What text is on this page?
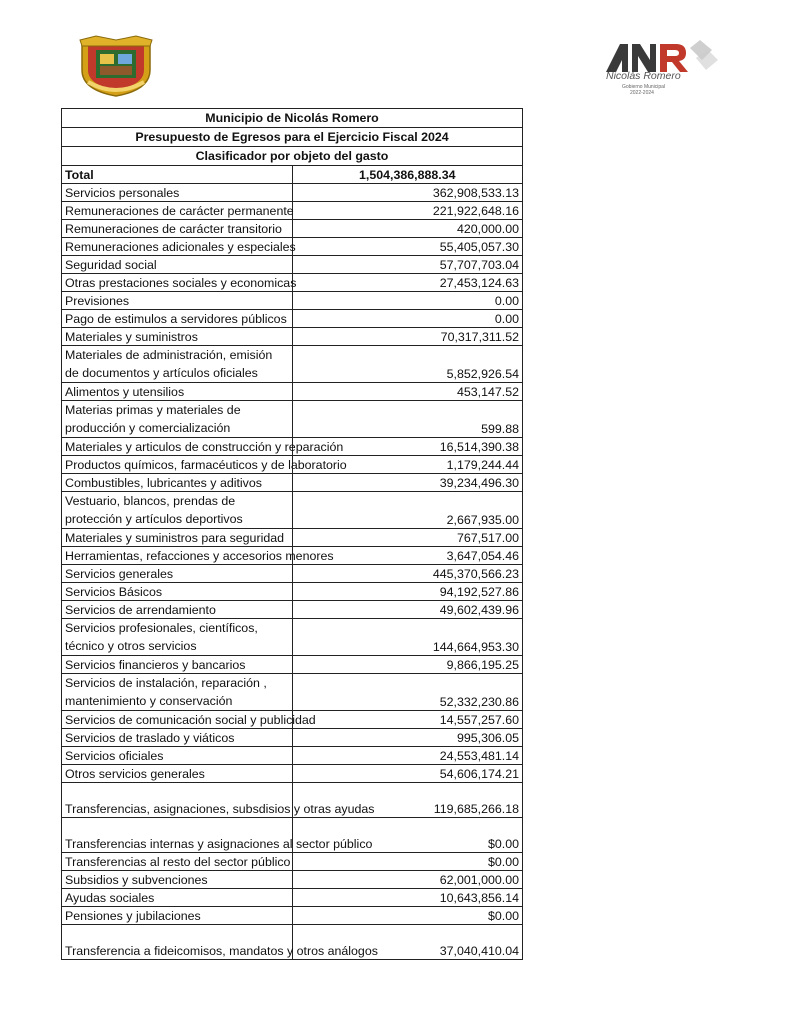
Nicolás Romero
Gobierno Municipal
2022-2024
Municipio de Nicolás Romero	
Presupuesto de Egresos para el Ejercicio Fiscal 2024	
Clasificador por objeto del gasto	
Total	1,504,386,888.34
Servicios personales	362,908,533.13
Remuneraciones de carácter permanente	221,922,648.16
Remuneraciones de carácter transitorio	420,000.00
Remuneraciones adicionales y especiales	55,405,057.30
Seguridad social	57,707,703.04
Otras prestaciones sociales y economicas	27,453,124.63
Previsiones	0.00
Pago de estimulos a servidores públicos	0.00
Materiales y suministros	70,317,311.52
Materiales de administración, emisión de documentos y artículos oficiales	5,852,926.54
Alimentos y utensilios	453,147.52
Materias primas y materiales de producción y comercialización	599.88
Materiales y articulos de construcción y reparación	16,514,390.38
Productos químicos, farmacéuticos y de laboratorio	1,179,244.44
Combustibles, lubricantes y aditivos	39,234,496.30
Vestuario, blancos, prendas de protección y artículos deportivos	2,667,935.00
Materiales y suministros para seguridad	767,517.00
Herramientas, refacciones y accesorios menores	3,647,054.46
Servicios generales	445,370,566.23
Servicios Básicos	94,192,527.86
Servicios de arrendamiento	49,602,439.96
Servicios profesionales, científicos, técnico y otros servicios	144,664,953.30
Servicios financieros y bancarios	9,866,195.25
Servicios de instalación, reparación , mantenimiento y conservación	52,332,230.86
Servicios de comunicación social y publicidad	14,557,257.60
Servicios de traslado y viáticos	995,306.05
Servicios oficiales	24,553,481.14
Otros servicios generales	54,606,174.21
Transferencias, asignaciones, subsdisios y otras ayudas	119,685,266.18
Transferencias internas y asignaciones al sector público	$0.00
Transferencias al resto del sector público	$0.00
Subsidios y subvenciones	62,001,000.00
Ayudas sociales	10,643,856.14
Pensiones y jubilaciones	$0.00
Transferencia a fideicomisos, mandatos y otros análogos	37,040,410.04
